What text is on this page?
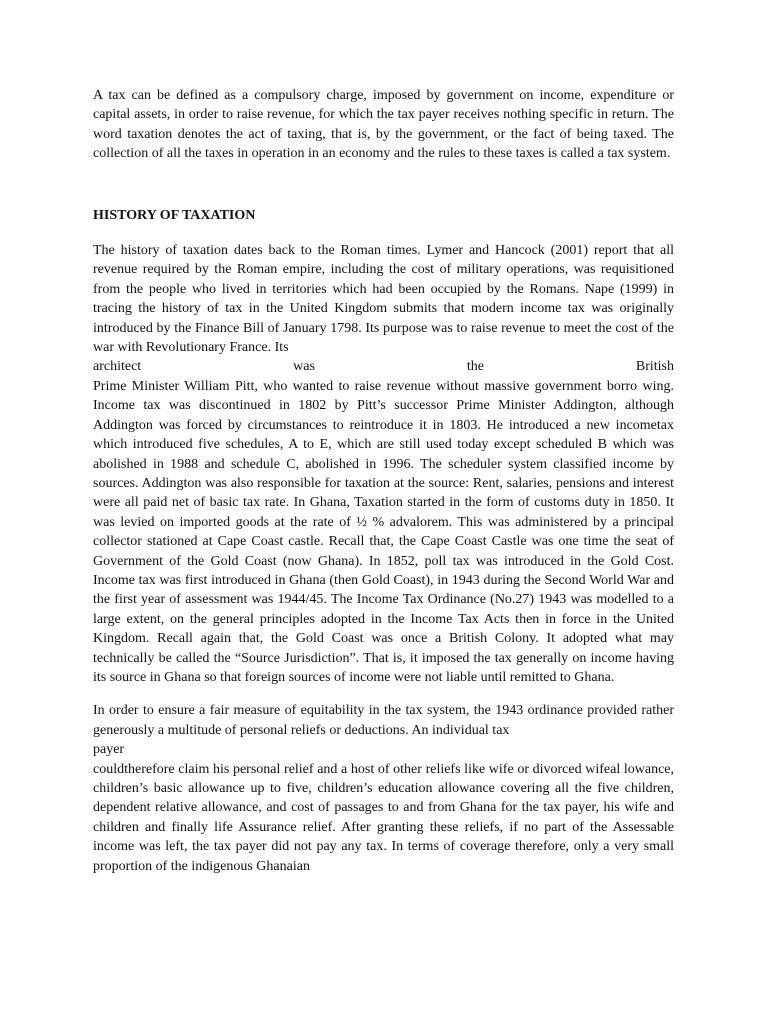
A tax can be defined as a compulsory charge, imposed by government on income, expenditure or capital assets, in order to raise revenue, for which the tax payer receives nothing specific in return. The word taxation denotes the act of taxing, that is, by the government, or the fact of being taxed. The collection of all the taxes in operation in an economy and the rules to these taxes is called a tax system.

HISTORY OF TAXATION

The history of taxation dates back to the Roman times. Lymer and Hancock (2001) report that all revenue required by the Roman empire, including the cost of military operations, was requisitioned from the people who lived in territories which had been occupied by the Romans. Nape (1999) in tracing the history of tax in the United Kingdom submits that modern income tax was originally introduced by the Finance Bill of January 1798. Its purpose was to raise revenue to meet the cost of the war with Revolutionary France. Its
architect was the British
Prime Minister William Pitt, who wanted to raise revenue without massive government borro wing. Income tax was discontinued in 1802 by Pitt’s successor Prime Minister Addington, although Addington was forced by circumstances to reintroduce it in 1803. He introduced a new incometax which introduced five schedules, A to E, which are still used today except scheduled B which was abolished in 1988 and schedule C, abolished in 1996. The scheduler system classified income by sources. Addington was also responsible for taxation at the source: Rent, salaries, pensions and interest were all paid net of basic tax rate. In Ghana, Taxation started in the form of customs duty in 1850. It was levied on imported goods at the rate of ½ % advalorem. This was administered by a principal collector stationed at Cape Coast castle. Recall that, the Cape Coast Castle was one time the seat of Government of the Gold Coast (now Ghana). In 1852, poll tax was introduced in the Gold Cost. Income tax was first introduced in Ghana (then Gold Coast), in 1943 during the Second World War and the first year of assessment was 1944/45. The Income Tax Ordinance (No.27) 1943 was modelled to a large extent, on the general principles adopted in the Income Tax Acts then in force in the United Kingdom. Recall again that, the Gold Coast was once a British Colony. It adopted what may technically be called the “Source Jurisdiction”. That is, it imposed the tax generally on income having its source in Ghana so that foreign sources of income were not liable until remitted to Ghana.

In order to ensure a fair measure of equitability in the tax system, the 1943 ordinance provided rather generously a multitude of personal reliefs or deductions. An individual tax
payer
couldtherefore claim his personal relief and a host of other reliefs like wife or divorced wifeal lowance, children’s basic allowance up to five, children’s education allowance covering all the five children, dependent relative allowance, and cost of passages to and from Ghana for the tax payer, his wife and children and finally life Assurance relief. After granting these reliefs, if no part of the Assessable income was left, the tax payer did not pay any tax. In terms of coverage therefore, only a very small proportion of the indigenous Ghanaian
